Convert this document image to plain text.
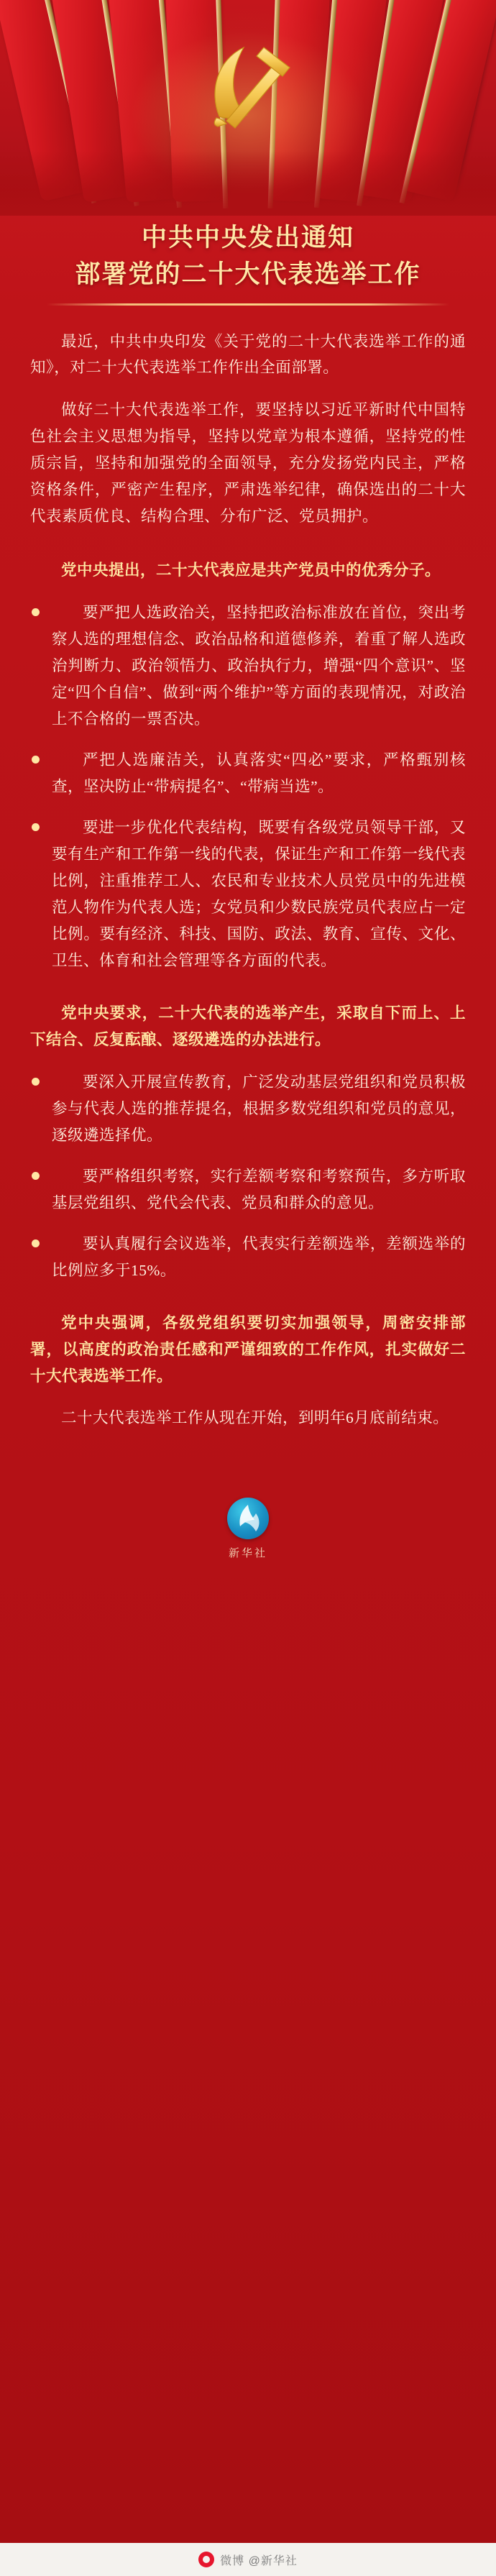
中共中央发出通知
部署党的二十大代表选举工作

最近，中共中央印发《关于党的二十大代表选举工作的通知》，对二十大代表选举工作作出全面部署。

做好二十大代表选举工作，要坚持以习近平新时代中国特色社会主义思想为指导，坚持以党章为根本遵循，坚持党的性质宗旨，坚持和加强党的全面领导，充分发扬党内民主，严格资格条件，严密产生程序，严肃选举纪律，确保选出的二十大代表素质优良、结构合理、分布广泛、党员拥护。

党中央提出，二十大代表应是共产党员中的优秀分子。

要严把人选政治关，坚持把政治标准放在首位，突出考察人选的理想信念、政治品格和道德修养，着重了解人选政治判断力、政治领悟力、政治执行力，增强“四个意识”、坚定“四个自信”、做到“两个维护”等方面的表现情况，对政治上不合格的一票否决。

严把人选廉洁关，认真落实“四必”要求，严格甄别核查，坚决防止“带病提名”、“带病当选”。

要进一步优化代表结构，既要有各级党员领导干部，又要有生产和工作第一线的代表，保证生产和工作第一线代表比例，注重推荐工人、农民和专业技术人员党员中的先进模范人物作为代表人选；女党员和少数民族党员代表应占一定比例。要有经济、科技、国防、政法、教育、宣传、文化、卫生、体育和社会管理等各方面的代表。

党中央要求，二十大代表的选举产生，采取自下而上、上下结合、反复酝酿、逐级遴选的办法进行。

要深入开展宣传教育，广泛发动基层党组织和党员积极参与代表人选的推荐提名，根据多数党组织和党员的意见，逐级遴选择优。

要严格组织考察，实行差额考察和考察预告，多方听取基层党组织、党代会代表、党员和群众的意见。

要认真履行会议选举，代表实行差额选举，差额选举的比例应多于15%。

党中央强调，各级党组织要切实加强领导，周密安排部署，以高度的政治责任感和严谨细致的工作作风，扎实做好二十大代表选举工作。

二十大代表选举工作从现在开始，到明年6月底前结束。

新华社
微博 @新华社
